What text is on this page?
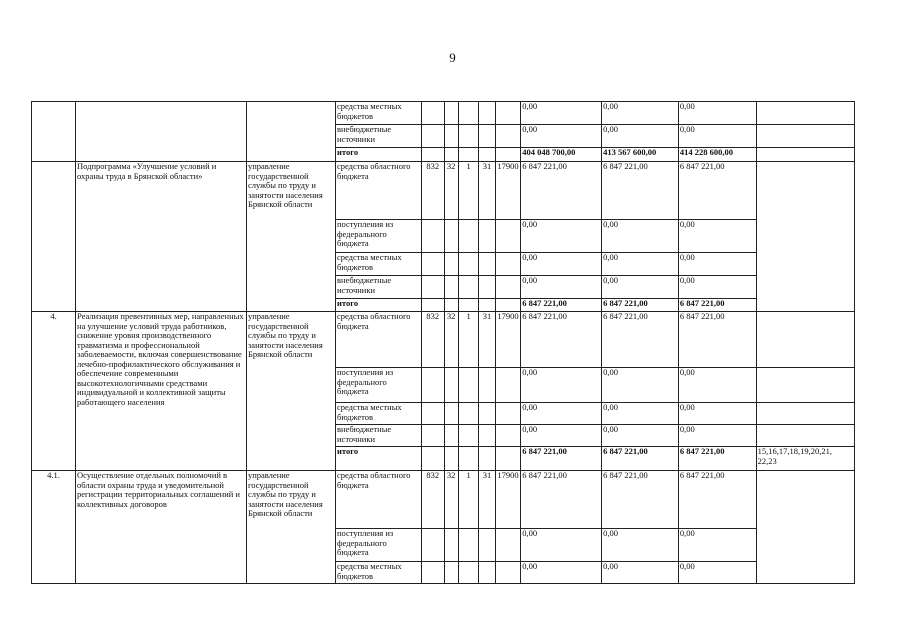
9
			средства местных бюджетов						0,00	0,00	0,00	
			внебюджетные источники						0,00	0,00	0,00	
			итого						404 048 700,00	413 567 600,00	414 228 600,00	
	Подпрограмма «Улучшение условий и охраны труда в Брянской области»	управление государственной службы по труду и занятости населения Брянской области	средства областного бюджета	832	32	1	31	17900	6 847 221,00	6 847 221,00	6 847 221,00	
			поступления из федерального бюджета						0,00	0,00	0,00	
			средства местных бюджетов						0,00	0,00	0,00	
			внебюджетные источники						0,00	0,00	0,00	
			итого						6 847 221,00	6 847 221,00	6 847 221,00	
4.	Реализация превентивных мер, направленных на улучшение условий труда работников, снижение уровня производственного травматизма и профессиональной заболеваемости, включая совершенствование лечебно-профилактического обслуживания и обеспечение современными высокотехнологичными средствами индивидуальной и коллективной защиты работающего населения	управление государственной службы по труду и занятости населения Брянской области	средства областного бюджета	832	32	1	31	17900	6 847 221,00	6 847 221,00	6 847 221,00	
			поступления из федерального бюджета						0,00	0,00	0,00	
			средства местных бюджетов						0,00	0,00	0,00	
			внебюджетные источники						0,00	0,00	0,00	
			итого						6 847 221,00	6 847 221,00	6 847 221,00	15,16,17,18,19,20,21, 22,23
4.1.	Осуществление отдельных полномочий в области охраны труда и уведомительной регистрации территориальных соглашений и коллективных договоров	управление государственной службы по труду и занятости населения Брянской области	средства областного бюджета	832	32	1	31	17900	6 847 221,00	6 847 221,00	6 847 221,00	
			поступления из федерального бюджета						0,00	0,00	0,00	
			средства местных бюджетов						0,00	0,00	0,00	
